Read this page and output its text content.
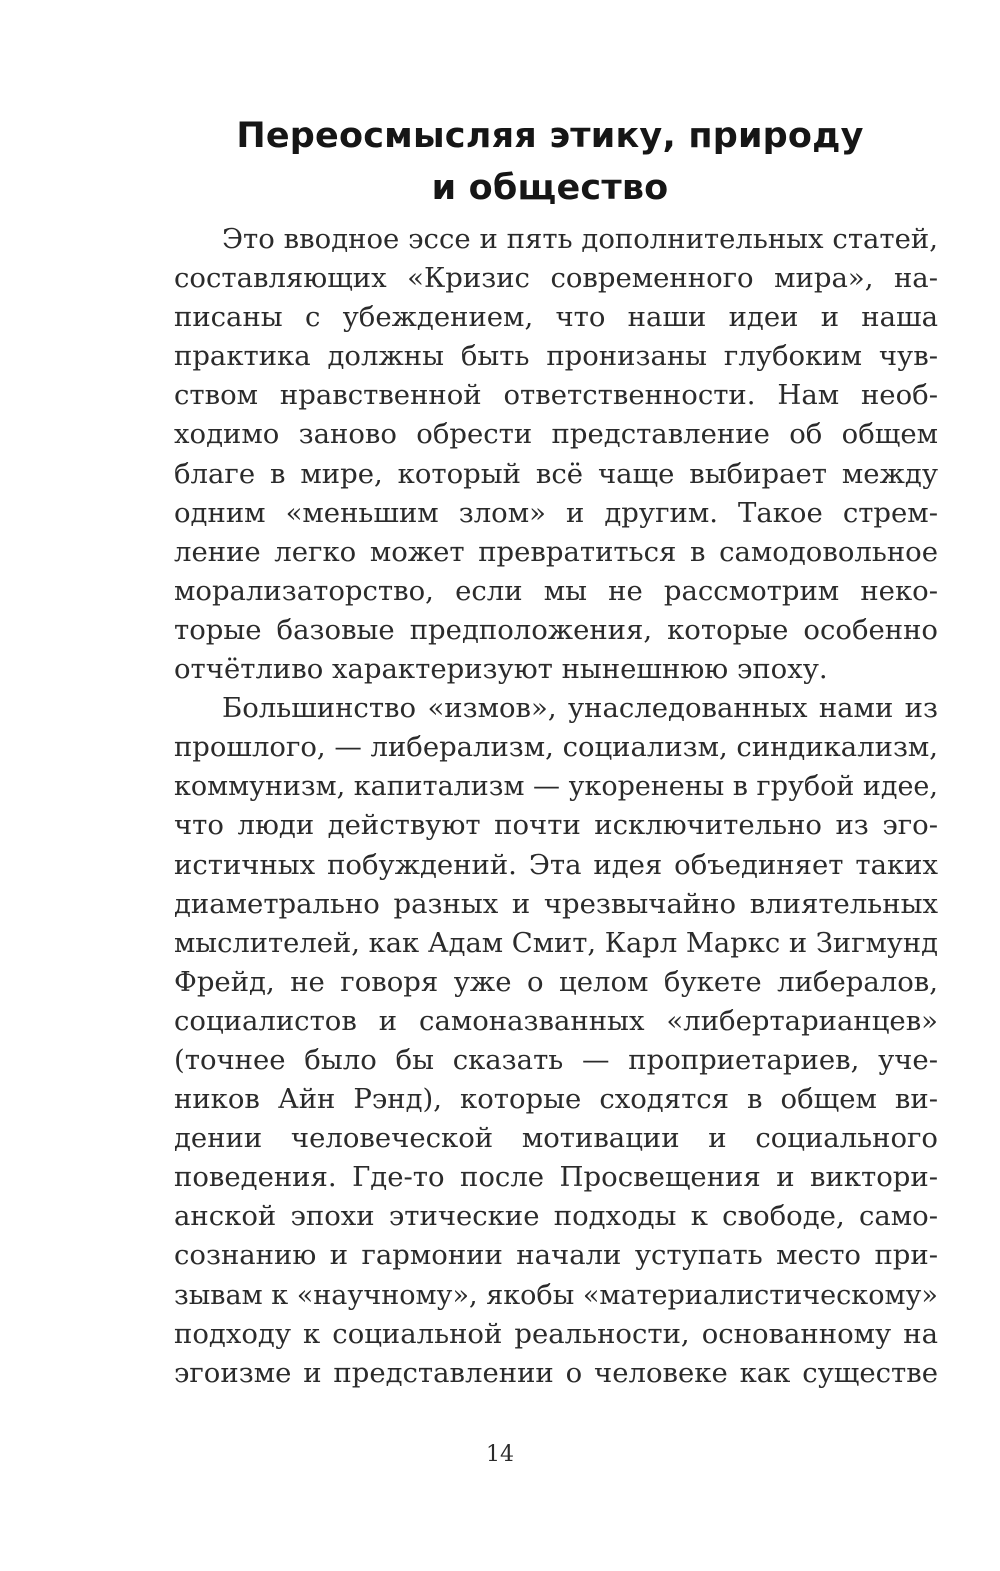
Переосмысляя этику, природу
и общество
Это вводное эссе и пять дополнительных статей,
составляющих «Кризис современного мира», на-
писаны с убеждением, что наши идеи и наша
практика должны быть пронизаны глубоким чув-
ством нравственной ответственности. Нам необ-
ходимо заново обрести представление об общем
благе в мире, который всё чаще выбирает между
одним «меньшим злом» и другим. Такое стрем-
ление легко может превратиться в самодовольное
морализаторство, если мы не рассмотрим неко-
торые базовые предположения, которые особенно
отчётливо характеризуют нынешнюю эпоху.
Большинство «измов», унаследованных нами из
прошлого, — либерализм, социализм, синдикализм,
коммунизм, капитализм — укоренены в грубой идее,
что люди действуют почти исключительно из эго-
истичных побуждений. Эта идея объединяет таких
диаметрально разных и чрезвычайно влиятельных
мыслителей, как Адам Смит, Карл Маркс и Зигмунд
Фрейд, не говоря уже о целом букете либералов,
социалистов и самоназванных «либертарианцев»
(точнее было бы сказать — проприетариев, уче-
ников Айн Рэнд), которые сходятся в общем ви-
дении человеческой мотивации и социального
поведения. Где-то после Просвещения и виктори-
анской эпохи этические подходы к свободе, само-
сознанию и гармонии начали уступать место при-
зывам к «научному», якобы «материалистическому»
подходу к социальной реальности, основанному на
эгоизме и представлении о человеке как существе
14
